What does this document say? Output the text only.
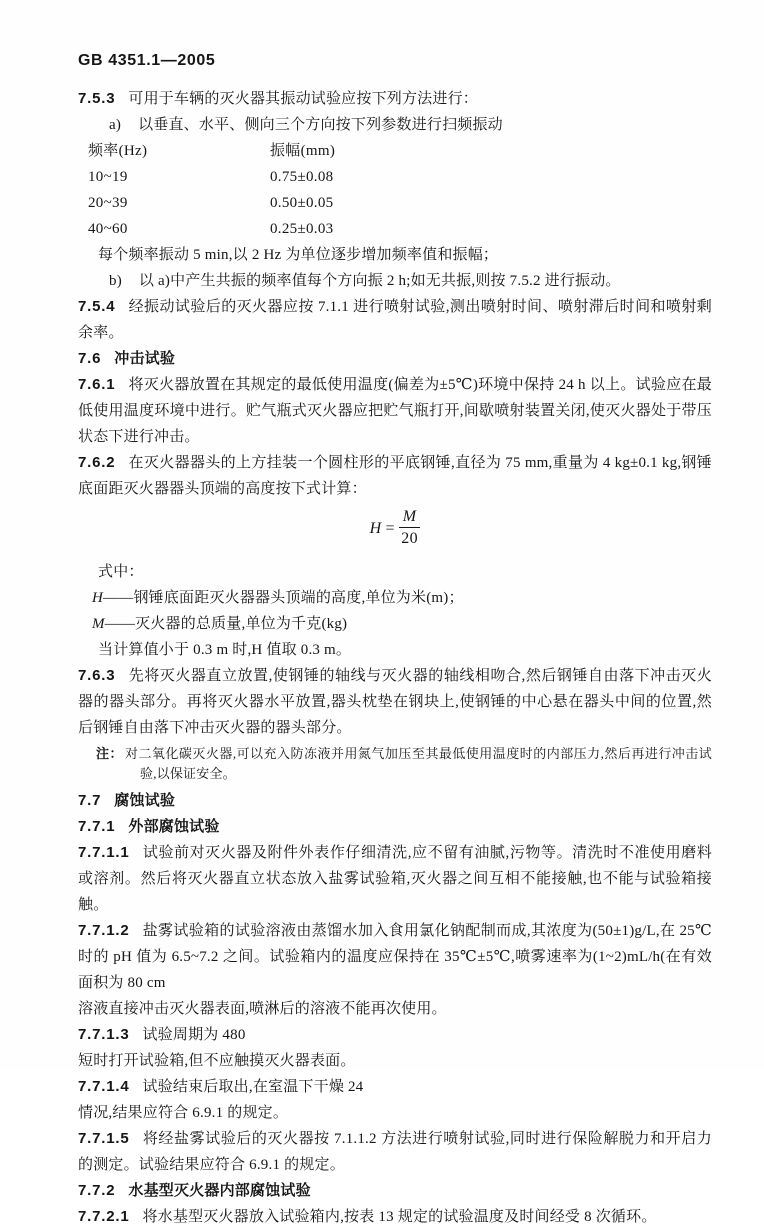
GB 4351.1—2005
7.5.3 可用于车辆的灭火器其振动试验应按下列方法进行：
a) 以垂直、水平、侧向三个方向按下列参数进行扫频振动
频率(Hz)	振幅(mm)
10~19	0.75±0.08
20~39	0.50±0.05
40~60	0.25±0.03
每个频率振动 5 min,以 2 Hz 为单位逐步增加频率值和振幅；
b) 以 a)中产生共振的频率值每个方向振 2 h;如无共振,则按 7.5.2 进行振动。
7.5.4 经振动试验后的灭火器应按 7.1.1 进行喷射试验,测出喷射时间、喷射滞后时间和喷射剩余率。
7.6 冲击试验
7.6.1 将灭火器放置在其规定的最低使用温度(偏差为±5℃)环境中保持 24 h 以上。试验应在最低使用温度环境中进行。贮气瓶式灭火器应把贮气瓶打开,间歇喷射装置关闭,使灭火器处于带压状态下进行冲击。
7.6.2 在灭火器器头的上方挂装一个圆柱形的平底钢锤,直径为 75 mm,重量为 4 kg±0.1 kg,钢锤底面距灭火器器头顶端的高度按下式计算：
$H = \frac{M}{20}$
式中：
H——钢锤底面距灭火器器头顶端的高度,单位为米(m)；
M——灭火器的总质量,单位为千克(kg)
当计算值小于 0.3 m 时,H 值取 0.3 m。
7.6.3 先将灭火器直立放置,使钢锤的轴线与灭火器的轴线相吻合,然后钢锤自由落下冲击灭火器的器头部分。再将灭火器水平放置,器头枕垫在钢块上,使钢锤的中心悬在器头中间的位置,然后钢锤自由落下冲击灭火器的器头部分。
注： 对二氧化碳灭火器,可以充入防冻液并用氮气加压至其最低使用温度时的内部压力,然后再进行冲击试验,以保证安全。
7.7 腐蚀试验
7.7.1 外部腐蚀试验
7.7.1.1 试验前对灭火器及附件外表作仔细清洗,应不留有油腻,污物等。清洗时不准使用磨料或溶剂。然后将灭火器直立状态放入盐雾试验箱,灭火器之间互相不能接触,也不能与试验箱接触。
7.7.1.2 盐雾试验箱的试验溶液由蒸馏水加入食用氯化钠配制而成,其浓度为(50±1)g/L,在 25℃时的 pH 值为 6.5~7.2 之间。试验箱内的温度应保持在 35℃±5℃,喷雾速率为(1~2)mL/h(在有效面积为 80 cm
溶液直接冲击灭火器表面,喷淋后的溶液不能再次使用。
7.7.1.3 试验周期为 480
短时打开试验箱,但不应触摸灭火器表面。
7.7.1.4 试验结束后取出,在室温下干燥 24
情况,结果应符合 6.9.1 的规定。
7.7.1.5 将经盐雾试验后的灭火器按 7.1.1.2 方法进行喷射试验,同时进行保险解脱力和开启力的测定。试验结果应符合 6.9.1 的规定。
7.7.2 水基型灭火器内部腐蚀试验
7.7.2.1 将水基型灭火器放入试验箱内,按表 13 规定的试验温度及时间经受 8 次循环。
